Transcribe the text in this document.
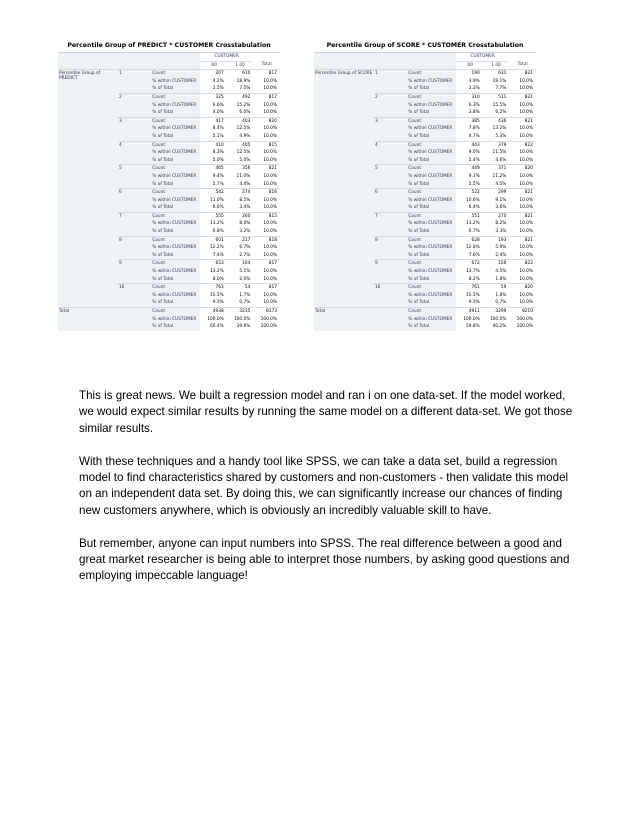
Percentile Group of PREDICT * CUSTOMER Crosstabulation
			CUSTOMER		
			.00	1.00	Total
Percentile Group of PREDICT	1	Count	207	610	817
		% within CUSTOMER	4.2%	18.9%	10.0%
		% of Total	2.5%	7.5%	10.0%
	2	Count	325	492	817
		% within CUSTOMER	6.6%	15.2%	10.0%
		% of Total	4.0%	6.0%	10.0%
	3	Count	417	403	820
		% within CUSTOMER	8.4%	12.5%	10.0%
		% of Total	5.1%	4.9%	10.0%
	4	Count	410	405	815
		% within CUSTOMER	8.3%	12.5%	10.0%
		% of Total	5.0%	5.0%	10.0%
	5	Count	465	356	821
		% within CUSTOMER	9.4%	11.0%	10.0%
		% of Total	5.7%	4.4%	10.0%
	6	Count	542	274	816
		% within CUSTOMER	11.0%	8.5%	10.0%
		% of Total	6.6%	3.4%	10.0%
	7	Count	555	260	815
		% within CUSTOMER	11.2%	8.0%	10.0%
		% of Total	6.8%	3.2%	10.0%
	8	Count	601	217	818
		% within CUSTOMER	12.2%	6.7%	10.0%
		% of Total	7.4%	2.7%	10.0%
	9	Count	653	164	817
		% within CUSTOMER	13.2%	5.1%	10.0%
		% of Total	8.0%	2.0%	10.0%
	10	Count	763	54	817
		% within CUSTOMER	15.5%	1.7%	10.0%
		% of Total	9.3%	0.7%	10.0%
Total		Count	4938	3235	8173
		% within CUSTOMER	100.0%	100.0%	100.0%
		% of Total	60.4%	39.6%	100.0%
Percentile Group of SCORE * CUSTOMER Crosstabulation
			CUSTOMER		
			.00	1.00	Total
Percentile Group of SCORE	1	Count	190	631	821
		% within CUSTOMER	3.9%	19.1%	10.0%
		% of Total	2.3%	7.7%	10.0%
	2	Count	310	511	821
		% within CUSTOMER	6.3%	15.5%	10.0%
		% of Total	3.8%	6.2%	10.0%
	3	Count	385	436	821
		% within CUSTOMER	7.8%	13.2%	10.0%
		% of Total	4.7%	5.3%	10.0%
	4	Count	443	379	822
		% within CUSTOMER	9.0%	11.5%	10.0%
		% of Total	5.4%	4.6%	10.0%
	5	Count	449	371	820
		% within CUSTOMER	9.1%	11.2%	10.0%
		% of Total	5.5%	4.5%	10.0%
	6	Count	522	299	821
		% within CUSTOMER	10.6%	9.1%	10.0%
		% of Total	6.4%	3.6%	10.0%
	7	Count	551	270	821
		% within CUSTOMER	11.2%	8.2%	10.0%
		% of Total	6.7%	3.3%	10.0%
	8	Count	628	193	821
		% within CUSTOMER	12.8%	5.9%	10.0%
		% of Total	7.6%	2.4%	10.0%
	9	Count	672	150	822
		% within CUSTOMER	13.7%	4.5%	10.0%
		% of Total	8.2%	1.8%	10.0%
	10	Count	761	59	820
		% within CUSTOMER	15.5%	1.8%	10.0%
		% of Total	9.3%	0.7%	10.0%
Total		Count	4911	3299	8210
		% within CUSTOMER	100.0%	100.0%	100.0%
		% of Total	59.8%	40.2%	100.0%

This is great news. We built a regression model and ran i on one data-set. If the model worked, we would expect similar results by running the same model on a different data-set. We got those similar results.

With these techniques and a handy tool like SPSS, we can take a data set, build a regression model to find characteristics shared by customers and non-customers - then validate this model on an independent data set. By doing this, we can significantly increase our chances of finding new customers anywhere, which is obviously an incredibly valuable skill to have.

But remember, anyone can input numbers into SPSS. The real difference between a good and great market researcher is being able to interpret those numbers, by asking good questions and employing impeccable language!
